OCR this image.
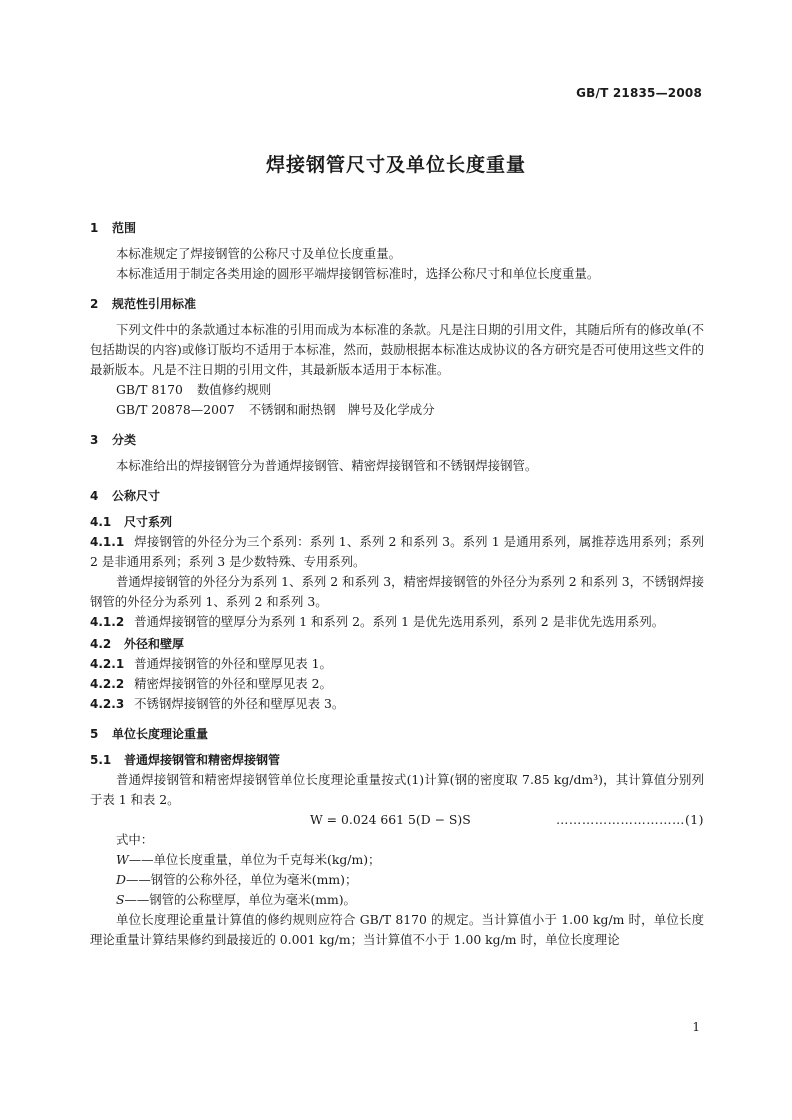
GB/T 21835—2008
焊接钢管尺寸及单位长度重量
1 范围

本标准规定了焊接钢管的公称尺寸及单位长度重量。

本标准适用于制定各类用途的圆形平端焊接钢管标准时，选择公称尺寸和单位长度重量。

2 规范性引用标准

下列文件中的条款通过本标准的引用而成为本标准的条款。凡是注日期的引用文件，其随后所有的修改单(不包括勘误的内容)或修订版均不适用于本标准，然而，鼓励根据本标准达成协议的各方研究是否可使用这些文件的最新版本。凡是不注日期的引用文件，其最新版本适用于本标准。

GB/T 8170 数值修约规则

GB/T 20878—2007 不锈钢和耐热钢　牌号及化学成分

3 分类

本标准给出的焊接钢管分为普通焊接钢管、精密焊接钢管和不锈钢焊接钢管。

4 公称尺寸
4.1 尺寸系列

4.1.1 焊接钢管的外径分为三个系列：系列 1、系列 2 和系列 3。系列 1 是通用系列，属推荐选用系列；系列 2 是非通用系列；系列 3 是少数特殊、专用系列。

普通焊接钢管的外径分为系列 1、系列 2 和系列 3，精密焊接钢管的外径分为系列 2 和系列 3，不锈钢焊接钢管的外径分为系列 1、系列 2 和系列 3。

4.1.2 普通焊接钢管的壁厚分为系列 1 和系列 2。系列 1 是优先选用系列，系列 2 是非优先选用系列。

4.2 外径和壁厚

4.2.1 普通焊接钢管的外径和壁厚见表 1。

4.2.2 精密焊接钢管的外径和壁厚见表 2。

4.2.3 不锈钢焊接钢管的外径和壁厚见表 3。

5 单位长度理论重量
5.1 普通焊接钢管和精密焊接钢管

普通焊接钢管和精密焊接钢管单位长度理论重量按式(1)计算(钢的密度取 7.85 kg/dm³)，其计算值分别列于表 1 和表 2。

W = 0.024 661 5(D − S)S	…………………………(1)

式中：

W——单位长度重量，单位为千克每米(kg/m)；

D——钢管的公称外径，单位为毫米(mm)；

S——钢管的公称壁厚，单位为毫米(mm)。

单位长度理论重量计算值的修约规则应符合 GB/T 8170 的规定。当计算值小于 1.00 kg/m 时，单位长度理论重量计算结果修约到最接近的 0.001 kg/m；当计算值不小于 1.00 kg/m 时，单位长度理论

1
